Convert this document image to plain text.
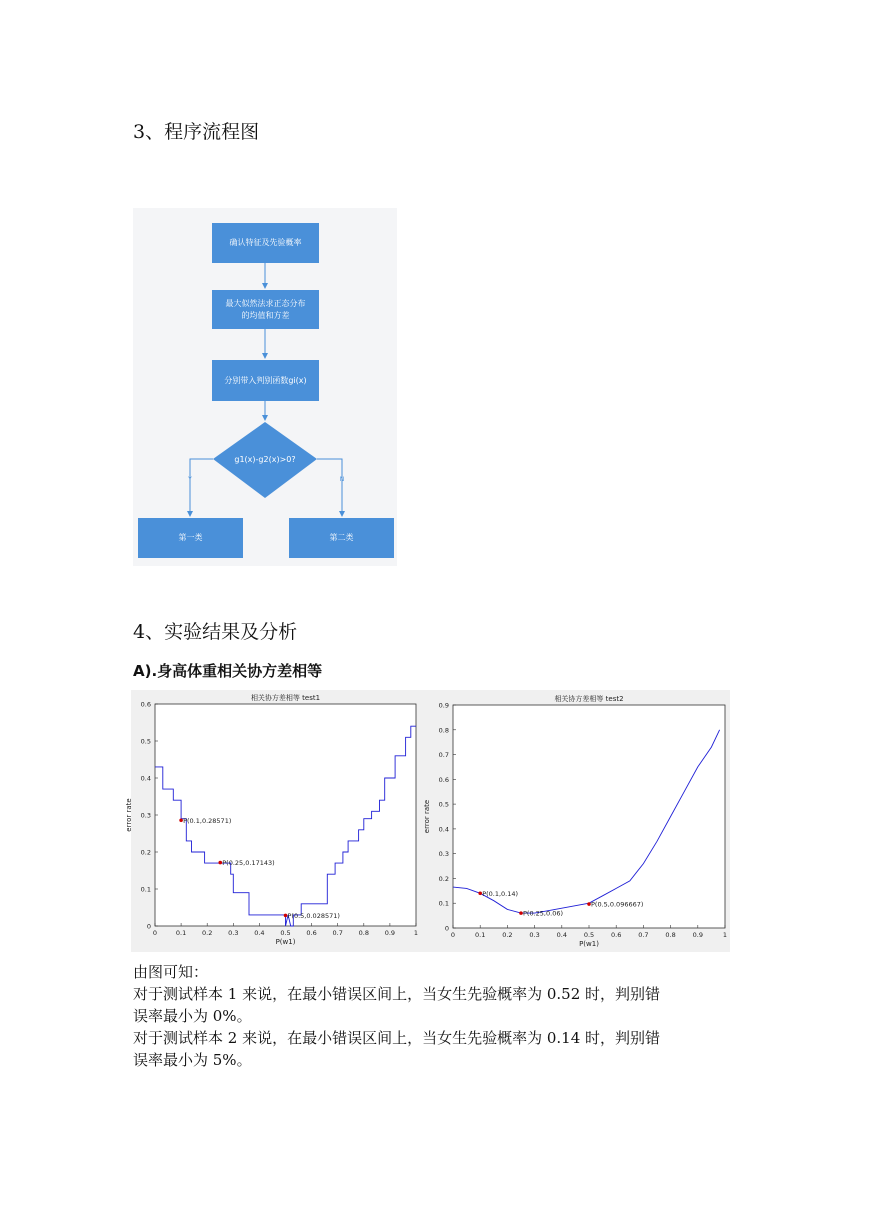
3、程序流程图
Y	N
g1(x)-g2(x)>0?
确认特征及先验概率
最大似然法求正态分布
的均值和方差
分别带入判别函数gi(x)
第一类	第二类
4、实验结果及分析
A).身高体重相关协方差相等
相关协方差相等 test1
0	0.1 0.2 0.3 0.4 0.5 0.6 0.7 0.8 0.9	1
0
0.1
0.2
0.3
0.4
0.5
0.6
P(w1)
error rate	P(0.1,0.28571)
P(0.25,0.17143)
P(0.5,0.028571)
相关协方差相等 test2
0	0.1	0.2	0.3	0.4	0.5	0.6	0.7	0.8	0.9	1
0
0.1
0.2
0.3
0.4
0.5
0.6
0.7
0.8
0.9
P(w1)
error rate
P(0.1,0.14)
P(0.25,0.06)
P(0.5,0.096667)
由图可知：
对于测试样本 1 来说，在最小错误区间上，当女生先验概率为 0.52 时，判别错
误率最小为 0%。
对于测试样本 2 来说，在最小错误区间上，当女生先验概率为 0.14 时，判别错
误率最小为 5%。
